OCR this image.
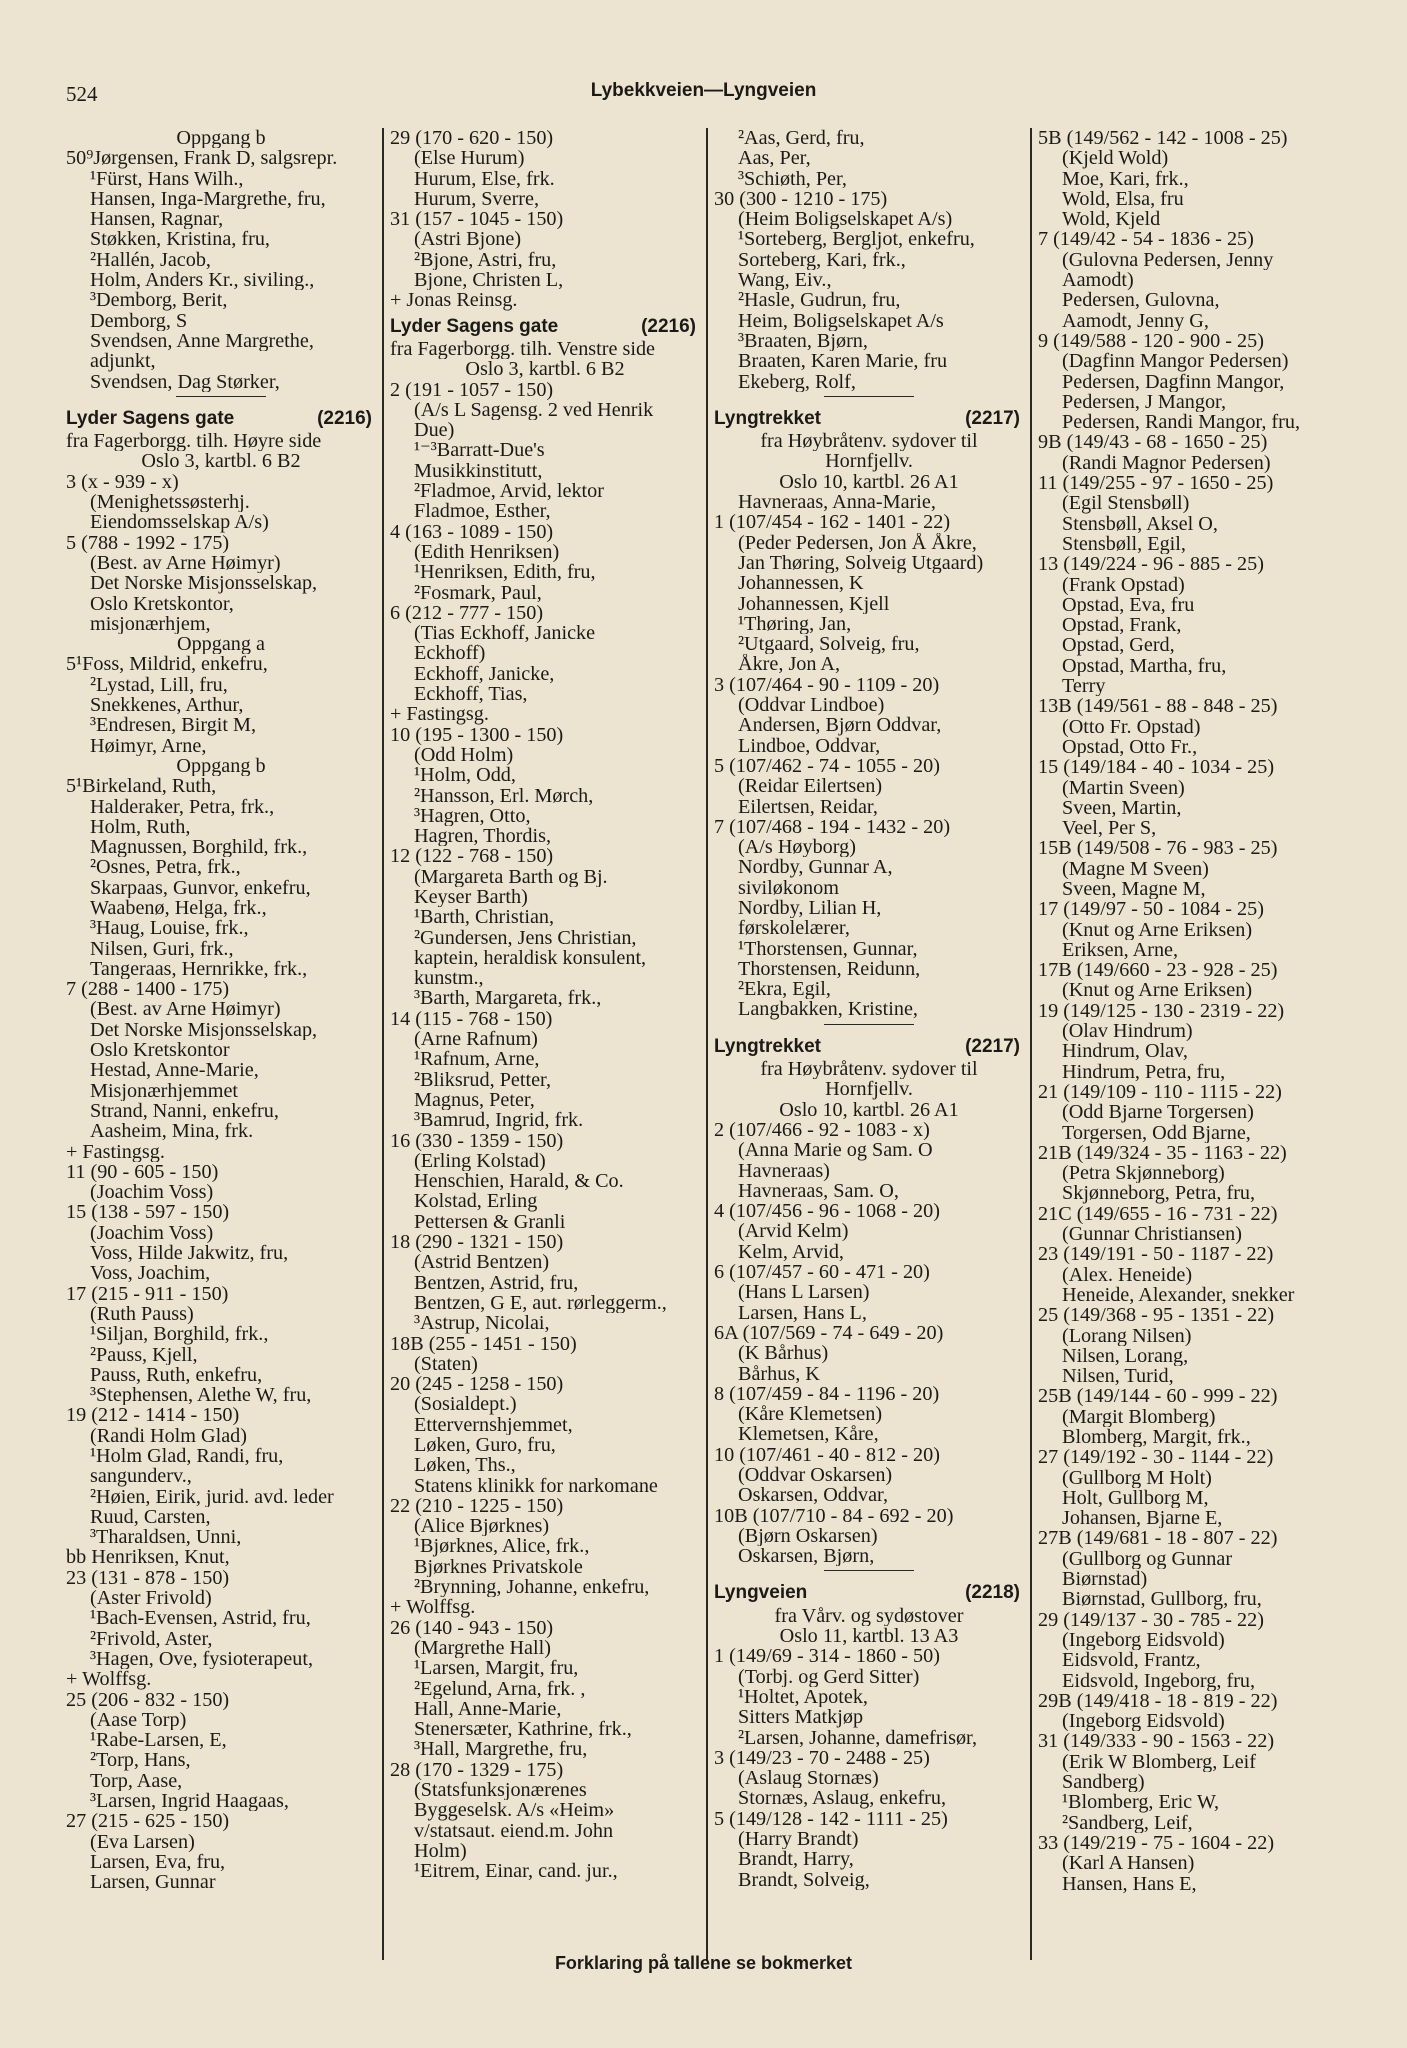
524	Lybekkveien—Lyngveien
Oppgang b
50⁹Jørgensen, Frank D, salgsrepr.
¹Fürst, Hans Wilh.,
Hansen, Inga-Margrethe, fru,
Hansen, Ragnar,
Støkken, Kristina, fru,
²Hallén, Jacob,
Holm, Anders Kr., siviling.,
³Demborg, Berit,
Demborg, S
Svendsen, Anne Margrethe,
adjunkt,
Svendsen, Dag Størker,
Lyder Sagens gate	(2216)
fra Fagerborgg. tilh. Høyre side
Oslo 3, kartbl. 6 B2
3 (x - 939 - x)
(Menighetssøsterhj.
Eiendomsselskap A/s)
5 (788 - 1992 - 175)
(Best. av Arne Høimyr)
Det Norske Misjonsselskap,
Oslo Kretskontor,
misjonærhjem,
Oppgang a
5¹Foss, Mildrid, enkefru,
²Lystad, Lill, fru,
Snekkenes, Arthur,
³Endresen, Birgit M,
Høimyr, Arne,
Oppgang b
5¹Birkeland, Ruth,
Halderaker, Petra, frk.,
Holm, Ruth,
Magnussen, Borghild, frk.,
²Osnes, Petra, frk.,
Skarpaas, Gunvor, enkefru,
Waabenø, Helga, frk.,
³Haug, Louise, frk.,
Nilsen, Guri, frk.,
Tangeraas, Hernrikke, frk.,
7 (288 - 1400 - 175)
(Best. av Arne Høimyr)
Det Norske Misjonsselskap,
Oslo Kretskontor
Hestad, Anne-Marie,
Misjonærhjemmet
Strand, Nanni, enkefru,
Aasheim, Mina, frk.
+ Fastingsg.
11 (90 - 605 - 150)
(Joachim Voss)
15 (138 - 597 - 150)
(Joachim Voss)
Voss, Hilde Jakwitz, fru,
Voss, Joachim,
17 (215 - 911 - 150)
(Ruth Pauss)
¹Siljan, Borghild, frk.,
²Pauss, Kjell,
Pauss, Ruth, enkefru,
³Stephensen, Alethe W, fru,
19 (212 - 1414 - 150)
(Randi Holm Glad)
¹Holm Glad, Randi, fru,
sangunderv.,
²Høien, Eirik, jurid. avd. leder
Ruud, Carsten,
³Tharaldsen, Unni,
bb Henriksen, Knut,
23 (131 - 878 - 150)
(Aster Frivold)
¹Bach-Evensen, Astrid, fru,
²Frivold, Aster,
³Hagen, Ove, fysioterapeut,
+ Wolffsg.
25 (206 - 832 - 150)
(Aase Torp)
¹Rabe-Larsen, E,
²Torp, Hans,
Torp, Aase,
³Larsen, Ingrid Haagaas,
27 (215 - 625 - 150)
(Eva Larsen)
Larsen, Eva, fru,
Larsen, Gunnar
29 (170 - 620 - 150)
(Else Hurum)
Hurum, Else, frk.
Hurum, Sverre,
31 (157 - 1045 - 150)
(Astri Bjone)
²Bjone, Astri, fru,
Bjone, Christen L,
+ Jonas Reinsg.
Lyder Sagens gate	(2216)
fra Fagerborgg. tilh. Venstre side
Oslo 3, kartbl. 6 B2
2 (191 - 1057 - 150)
(A/s L Sagensg. 2 ved Henrik
Due)
¹⁻³Barratt-Due's
Musikkinstitutt,
²Fladmoe, Arvid, lektor
Fladmoe, Esther,
4 (163 - 1089 - 150)
(Edith Henriksen)
¹Henriksen, Edith, fru,
²Fosmark, Paul,
6 (212 - 777 - 150)
(Tias Eckhoff, Janicke
Eckhoff)
Eckhoff, Janicke,
Eckhoff, Tias,
+ Fastingsg.
10 (195 - 1300 - 150)
(Odd Holm)
¹Holm, Odd,
²Hansson, Erl. Mørch,
³Hagren, Otto,
Hagren, Thordis,
12 (122 - 768 - 150)
(Margareta Barth og Bj.
Keyser Barth)
¹Barth, Christian,
²Gundersen, Jens Christian,
kaptein, heraldisk konsulent,
kunstm.,
³Barth, Margareta, frk.,
14 (115 - 768 - 150)
(Arne Rafnum)
¹Rafnum, Arne,
²Bliksrud, Petter,
Magnus, Peter,
³Bamrud, Ingrid, frk.
16 (330 - 1359 - 150)
(Erling Kolstad)
Henschien, Harald, & Co.
Kolstad, Erling
Pettersen & Granli
18 (290 - 1321 - 150)
(Astrid Bentzen)
Bentzen, Astrid, fru,
Bentzen, G E, aut. rørleggerm.,
³Astrup, Nicolai,
18B (255 - 1451 - 150)
(Staten)
20 (245 - 1258 - 150)
(Sosialdept.)
Ettervernshjemmet,
Løken, Guro, fru,
Løken, Ths.,
Statens klinikk for narkomane
22 (210 - 1225 - 150)
(Alice Bjørknes)
¹Bjørknes, Alice, frk.,
Bjørknes Privatskole
²Brynning, Johanne, enkefru,
+ Wolffsg.
26 (140 - 943 - 150)
(Margrethe Hall)
¹Larsen, Margit, fru,
²Egelund, Arna, frk. ,
Hall, Anne-Marie,
Stenersæter, Kathrine, frk.,
³Hall, Margrethe, fru,
28 (170 - 1329 - 175)
(Statsfunksjonærenes
Byggeselsk. A/s «Heim»
v/statsaut. eiend.m. John
Holm)
¹Eitrem, Einar, cand. jur.,
²Aas, Gerd, fru,
Aas, Per,
³Schiøth, Per,
30 (300 - 1210 - 175)
(Heim Boligselskapet A/s)
¹Sorteberg, Bergljot, enkefru,
Sorteberg, Kari, frk.,
Wang, Eiv.,
²Hasle, Gudrun, fru,
Heim, Boligselskapet A/s
³Braaten, Bjørn,
Braaten, Karen Marie, fru
Ekeberg, Rolf,
Lyngtrekket	(2217)
fra Høybråtenv. sydover til
Hornfjellv.
Oslo 10, kartbl. 26 A1
Havneraas, Anna-Marie,
1 (107/454 - 162 - 1401 - 22)
(Peder Pedersen, Jon Å Åkre,
Jan Thøring, Solveig Utgaard)
Johannessen, K
Johannessen, Kjell
¹Thøring, Jan,
²Utgaard, Solveig, fru,
Åkre, Jon A,
3 (107/464 - 90 - 1109 - 20)
(Oddvar Lindboe)
Andersen, Bjørn Oddvar,
Lindboe, Oddvar,
5 (107/462 - 74 - 1055 - 20)
(Reidar Eilertsen)
Eilertsen, Reidar,
7 (107/468 - 194 - 1432 - 20)
(A/s Høyborg)
Nordby, Gunnar A,
siviløkonom
Nordby, Lilian H,
førskolelærer,
¹Thorstensen, Gunnar,
Thorstensen, Reidunn,
²Ekra, Egil,
Langbakken, Kristine,
Lyngtrekket	(2217)
fra Høybråtenv. sydover til
Hornfjellv.
Oslo 10, kartbl. 26 A1
2 (107/466 - 92 - 1083 - x)
(Anna Marie og Sam. O
Havneraas)
Havneraas, Sam. O,
4 (107/456 - 96 - 1068 - 20)
(Arvid Kelm)
Kelm, Arvid,
6 (107/457 - 60 - 471 - 20)
(Hans L Larsen)
Larsen, Hans L,
6A (107/569 - 74 - 649 - 20)
(K Bårhus)
Bårhus, K
8 (107/459 - 84 - 1196 - 20)
(Kåre Klemetsen)
Klemetsen, Kåre,
10 (107/461 - 40 - 812 - 20)
(Oddvar Oskarsen)
Oskarsen, Oddvar,
10B (107/710 - 84 - 692 - 20)
(Bjørn Oskarsen)
Oskarsen, Bjørn,
Lyngveien	(2218)
fra Vårv. og sydøstover
Oslo 11, kartbl. 13 A3
1 (149/69 - 314 - 1860 - 50)
(Torbj. og Gerd Sitter)
¹Holtet, Apotek,
Sitters Matkjøp
²Larsen, Johanne, damefrisør,
3 (149/23 - 70 - 2488 - 25)
(Aslaug Stornæs)
Stornæs, Aslaug, enkefru,
5 (149/128 - 142 - 1111 - 25)
(Harry Brandt)
Brandt, Harry,
Brandt, Solveig,
5B (149/562 - 142 - 1008 - 25)
(Kjeld Wold)
Moe, Kari, frk.,
Wold, Elsa, fru
Wold, Kjeld
7 (149/42 - 54 - 1836 - 25)
(Gulovna Pedersen, Jenny
Aamodt)
Pedersen, Gulovna,
Aamodt, Jenny G,
9 (149/588 - 120 - 900 - 25)
(Dagfinn Mangor Pedersen)
Pedersen, Dagfinn Mangor,
Pedersen, J Mangor,
Pedersen, Randi Mangor, fru,
9B (149/43 - 68 - 1650 - 25)
(Randi Magnor Pedersen)
11 (149/255 - 97 - 1650 - 25)
(Egil Stensbøll)
Stensbøll, Aksel O,
Stensbøll, Egil,
13 (149/224 - 96 - 885 - 25)
(Frank Opstad)
Opstad, Eva, fru
Opstad, Frank,
Opstad, Gerd,
Opstad, Martha, fru,
Terry
13B (149/561 - 88 - 848 - 25)
(Otto Fr. Opstad)
Opstad, Otto Fr.,
15 (149/184 - 40 - 1034 - 25)
(Martin Sveen)
Sveen, Martin,
Veel, Per S,
15B (149/508 - 76 - 983 - 25)
(Magne M Sveen)
Sveen, Magne M,
17 (149/97 - 50 - 1084 - 25)
(Knut og Arne Eriksen)
Eriksen, Arne,
17B (149/660 - 23 - 928 - 25)
(Knut og Arne Eriksen)
19 (149/125 - 130 - 2319 - 22)
(Olav Hindrum)
Hindrum, Olav,
Hindrum, Petra, fru,
21 (149/109 - 110 - 1115 - 22)
(Odd Bjarne Torgersen)
Torgersen, Odd Bjarne,
21B (149/324 - 35 - 1163 - 22)
(Petra Skjønneborg)
Skjønneborg, Petra, fru,
21C (149/655 - 16 - 731 - 22)
(Gunnar Christiansen)
23 (149/191 - 50 - 1187 - 22)
(Alex. Heneide)
Heneide, Alexander, snekker
25 (149/368 - 95 - 1351 - 22)
(Lorang Nilsen)
Nilsen, Lorang,
Nilsen, Turid,
25B (149/144 - 60 - 999 - 22)
(Margit Blomberg)
Blomberg, Margit, frk.,
27 (149/192 - 30 - 1144 - 22)
(Gullborg M Holt)
Holt, Gullborg M,
Johansen, Bjarne E,
27B (149/681 - 18 - 807 - 22)
(Gullborg og Gunnar
Biørnstad)
Biørnstad, Gullborg, fru,
29 (149/137 - 30 - 785 - 22)
(Ingeborg Eidsvold)
Eidsvold, Frantz,
Eidsvold, Ingeborg, fru,
29B (149/418 - 18 - 819 - 22)
(Ingeborg Eidsvold)
31 (149/333 - 90 - 1563 - 22)
(Erik W Blomberg, Leif
Sandberg)
¹Blomberg, Eric W,
²Sandberg, Leif,
33 (149/219 - 75 - 1604 - 22)
(Karl A Hansen)
Hansen, Hans E,
Forklaring på tallene se bokmerket
